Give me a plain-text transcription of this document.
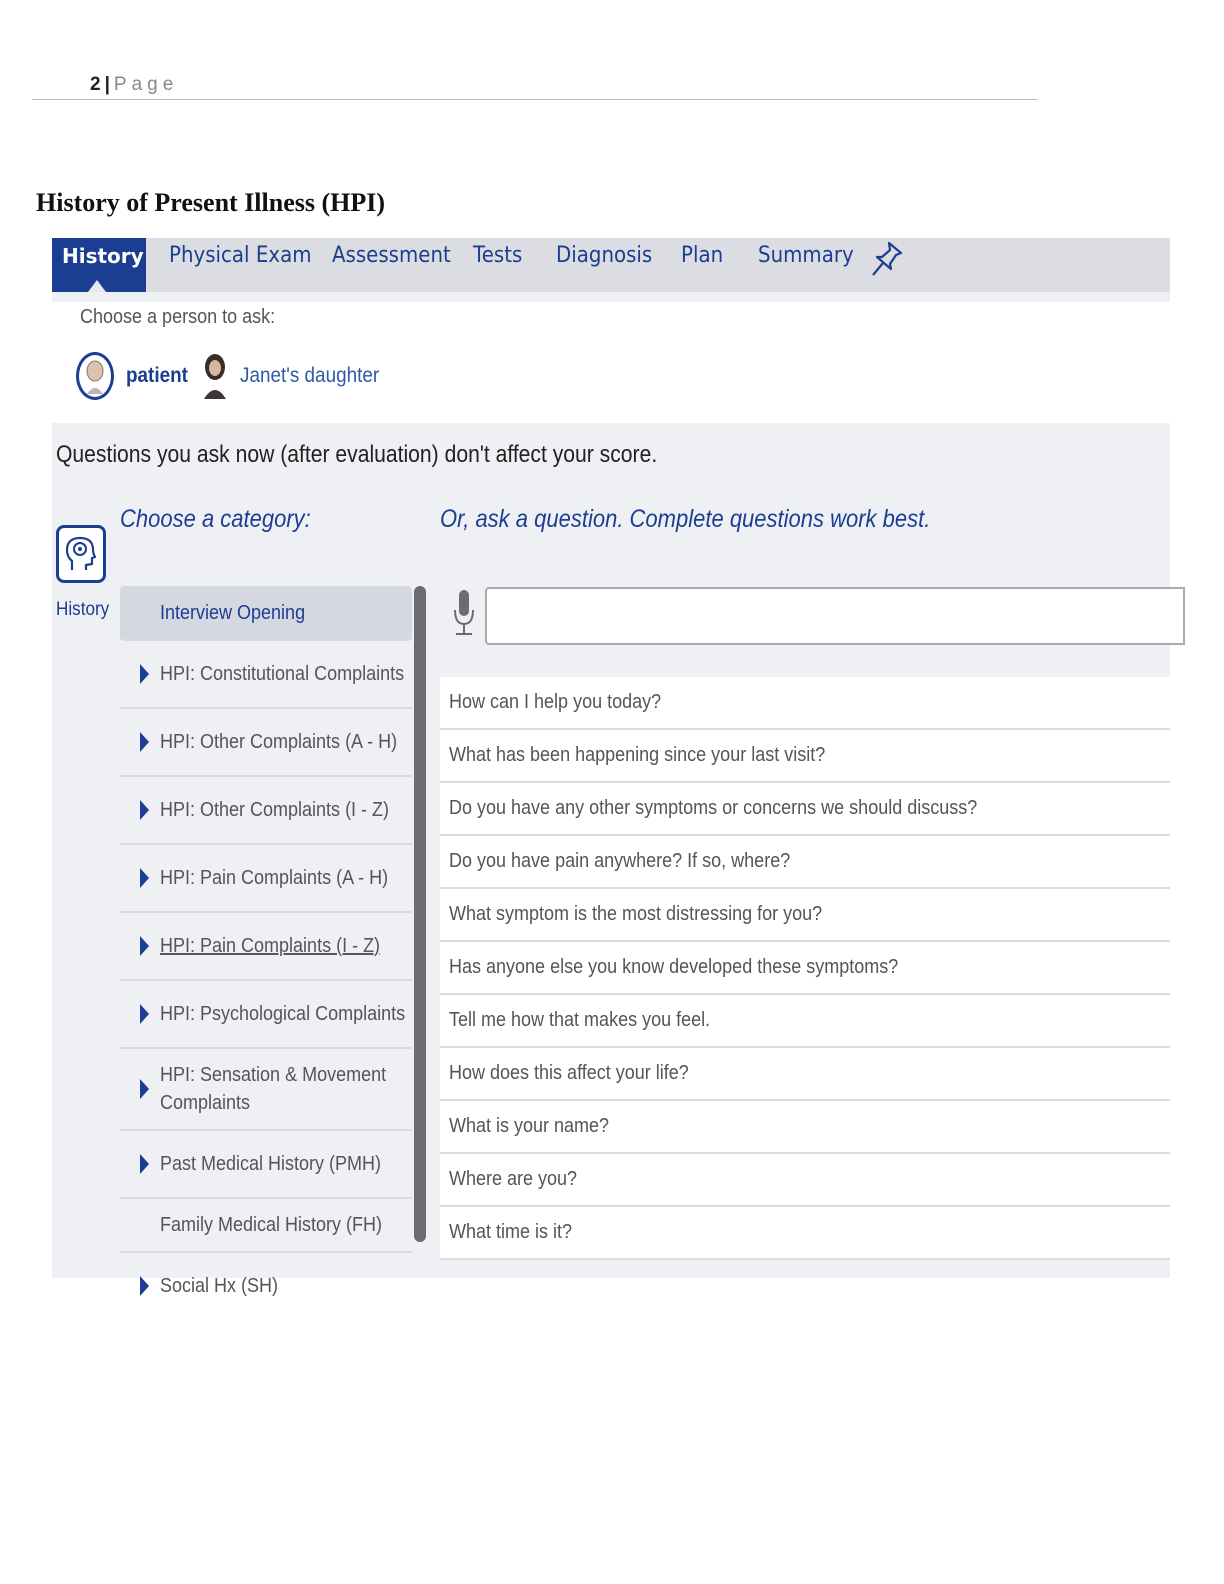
2 | Page
History of Present Illness (HPI)
History Physical Exam Assessment Tests Diagnosis Plan Summary
Choose a person to ask:
patient Janet's daughter
Questions you ask now (after evaluation) don't affect your score.
History
Choose a category:	Or, ask a question. Complete questions work best.
Interview Opening
HPI: Constitutional Complaints
HPI: Other Complaints (A - H)
HPI: Other Complaints (I - Z)
HPI: Pain Complaints (A - H)
HPI: Pain Complaints (I - Z)
HPI: Psychological Complaints
HPI: Sensation & Movement
Complaints
Past Medical History (PMH)
Family Medical History (FH)
Social Hx (SH)
How can I help you today?
What has been happening since your last visit?
Do you have any other symptoms or concerns we should discuss?
Do you have pain anywhere? If so, where?
What symptom is the most distressing for you?
Has anyone else you know developed these symptoms?
Tell me how that makes you feel.
How does this affect your life?
What is your name?
Where are you?
What time is it?
